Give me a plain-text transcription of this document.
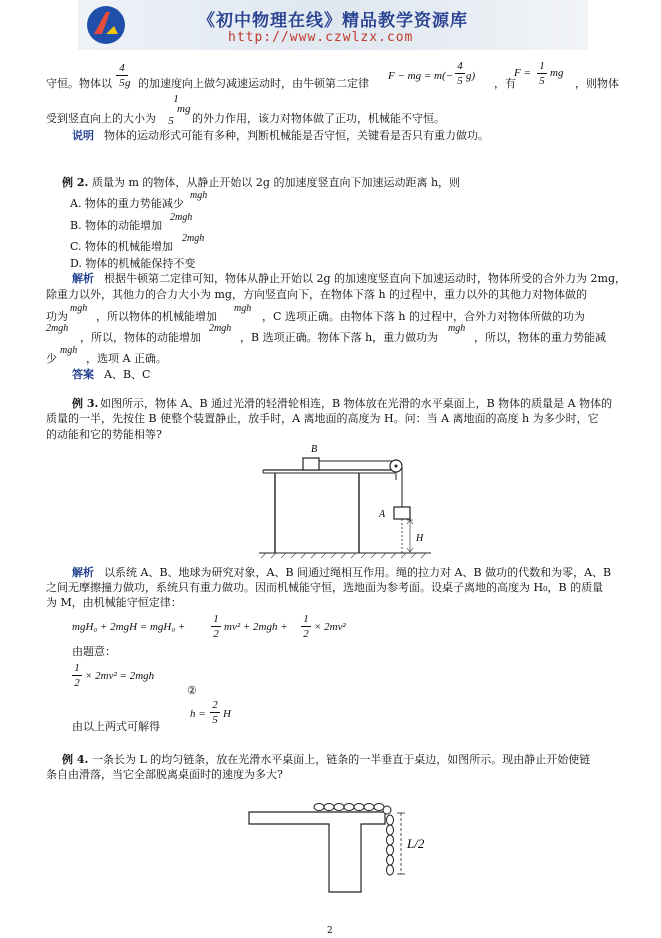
《初中物理在线》精品教学资源库
http://www.czwlzx.com
守恒。物体以
4
5 g 的加速度向上做匀减速运动时，由牛顿第二定律
F − mg = m(−
4
5 g)
，有
F =
1
5
mg
，则物体
受到竖直向上的大小为
1
mg
5	的外力作用，该力对物体做了正功，机械能不守恒。
说明 物体的运动形式可能有多种，判断机械能是否守恒，关键看是否只有重力做功。
例 2. 质量为 m 的物体，从静止开始以 2g 的加速度竖直向下加速运动距离 h，则
A. 物体的重力势能减少
mgh
B. 物体的动能增加
2mgh
C. 物体的机械能增加
2mgh
D. 物体的机械能保持不变
解析 根据牛顿第二定律可知，物体从静止开始以 2g 的加速度竖直向下加速运动时，物体所受的合外力为 2mg，
除重力以外，其他力的合力大小为 mg，方向竖直向下，在物体下落 h 的过程中，重力以外的其他力对物体做的
功为
mgh
，所以物体的机械能增加
mgh
，C 选项正确。由物体下落 h 的过程中，合外力对物体所做的功为
2mgh
，所以，物体的动能增加
2mgh
，B 选项正确。物体下落 h，重力做功为
mgh
，所以，物体的重力势能减
少
mgh
，选项 A 正确。
答案 A、B、C
例 3. 如图所示，物体 A、B 通过光滑的轻滑轮相连，B 物体放在光滑的水平桌面上，B 物体的质量是 A 物体的
质量的一半，先按住 B 使整个装置静止，放手时，A 离地面的高度为 H。问：当 A 离地面的高度 h 为多少时，它
的动能和它的势能相等?
B
A
H
解析 以系统 A、B、地球为研究对象，A、B 间通过绳相互作用。绳的拉力对 A、B 做功的代数和为零，A、B
之间无摩擦撞力做功，系统只有重力做功。因而机械能守恒，选地面为参考面。设桌子离地的高度为 H₀，B 的质量
为 M，由机械能守恒定律：
mgH₀ + 2mgH = mgH₀ +
1
2
mv² + 2mgh +
1
2
× 2mv²
由题意：
1
2
× 2mv² = 2mgh
②
h =
2
5 H
由以上两式可解得
例 4. 一条长为 L 的均匀链条，放在光滑水平桌面上，链条的一半垂直于桌边，如图所示。现由静止开始使链
条自由滑落，当它全部脱离桌面时的速度为多大?
L/2
2
